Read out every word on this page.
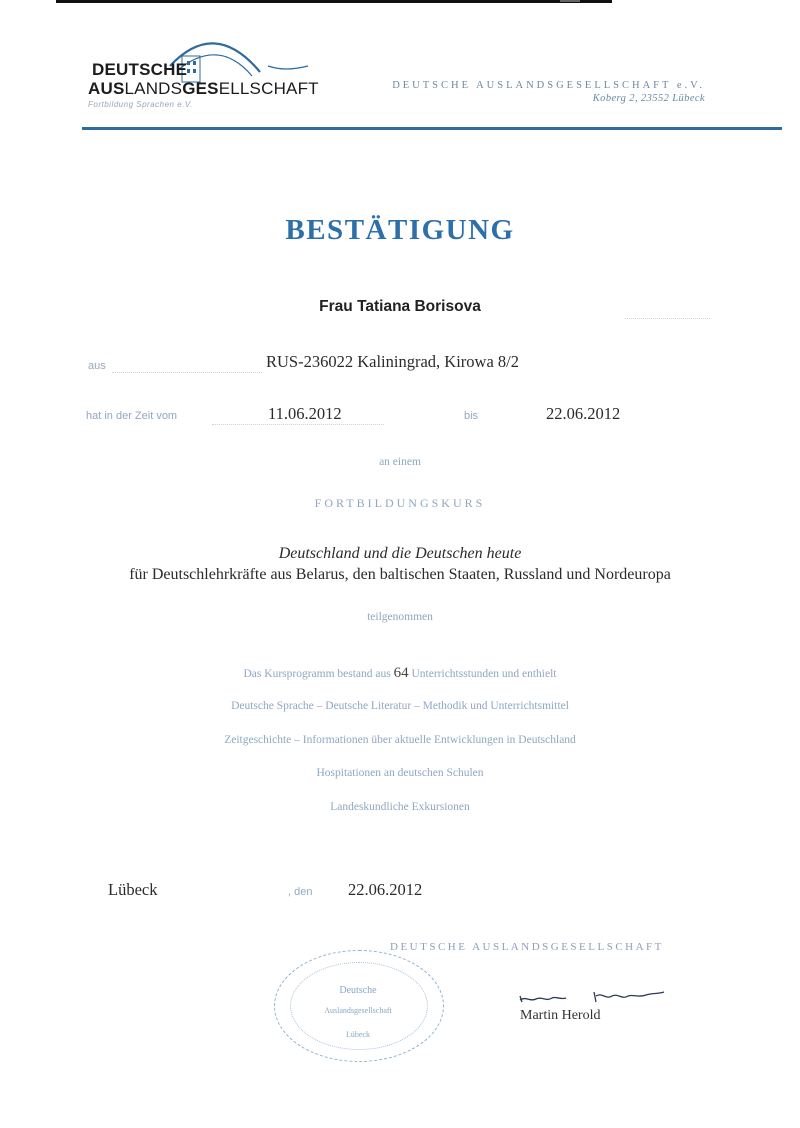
DEUTSCHE
AUSLANDSGESELLSCHAFT
Fortbildung Sprachen e.V.
DEUTSCHE AUSLANDSGESELLSCHAFT e.V.
Koberg 2, 23552 Lübeck
BESTÄTIGUNG
Frau Tatiana Borisova
aus	RUS-236022 Kaliningrad, Kirowa 8/2
hat in der Zeit vom	11.06.2012	bis	22.06.2012
an einem
FORTBILDUNGSKURS
Deutschland und die Deutschen heute
für Deutschlehrkräfte aus Belarus, den baltischen Staaten, Russland und Nordeuropa
teilgenommen
Das Kursprogramm bestand aus 64 Unterrichtsstunden und enthielt
Deutsche Sprache – Deutsche Literatur – Methodik und Unterrichtsmittel
Zeitgeschichte – Informationen über aktuelle Entwicklungen in Deutschland
Hospitationen an deutschen Schulen
Landeskundliche Exkursionen
Lübeck	, den 22.06.2012
DEUTSCHE AUSLANDSGESELLSCHAFT
Deutsche
Auslandsgesellschaft
Lübeck
Martin Herold
